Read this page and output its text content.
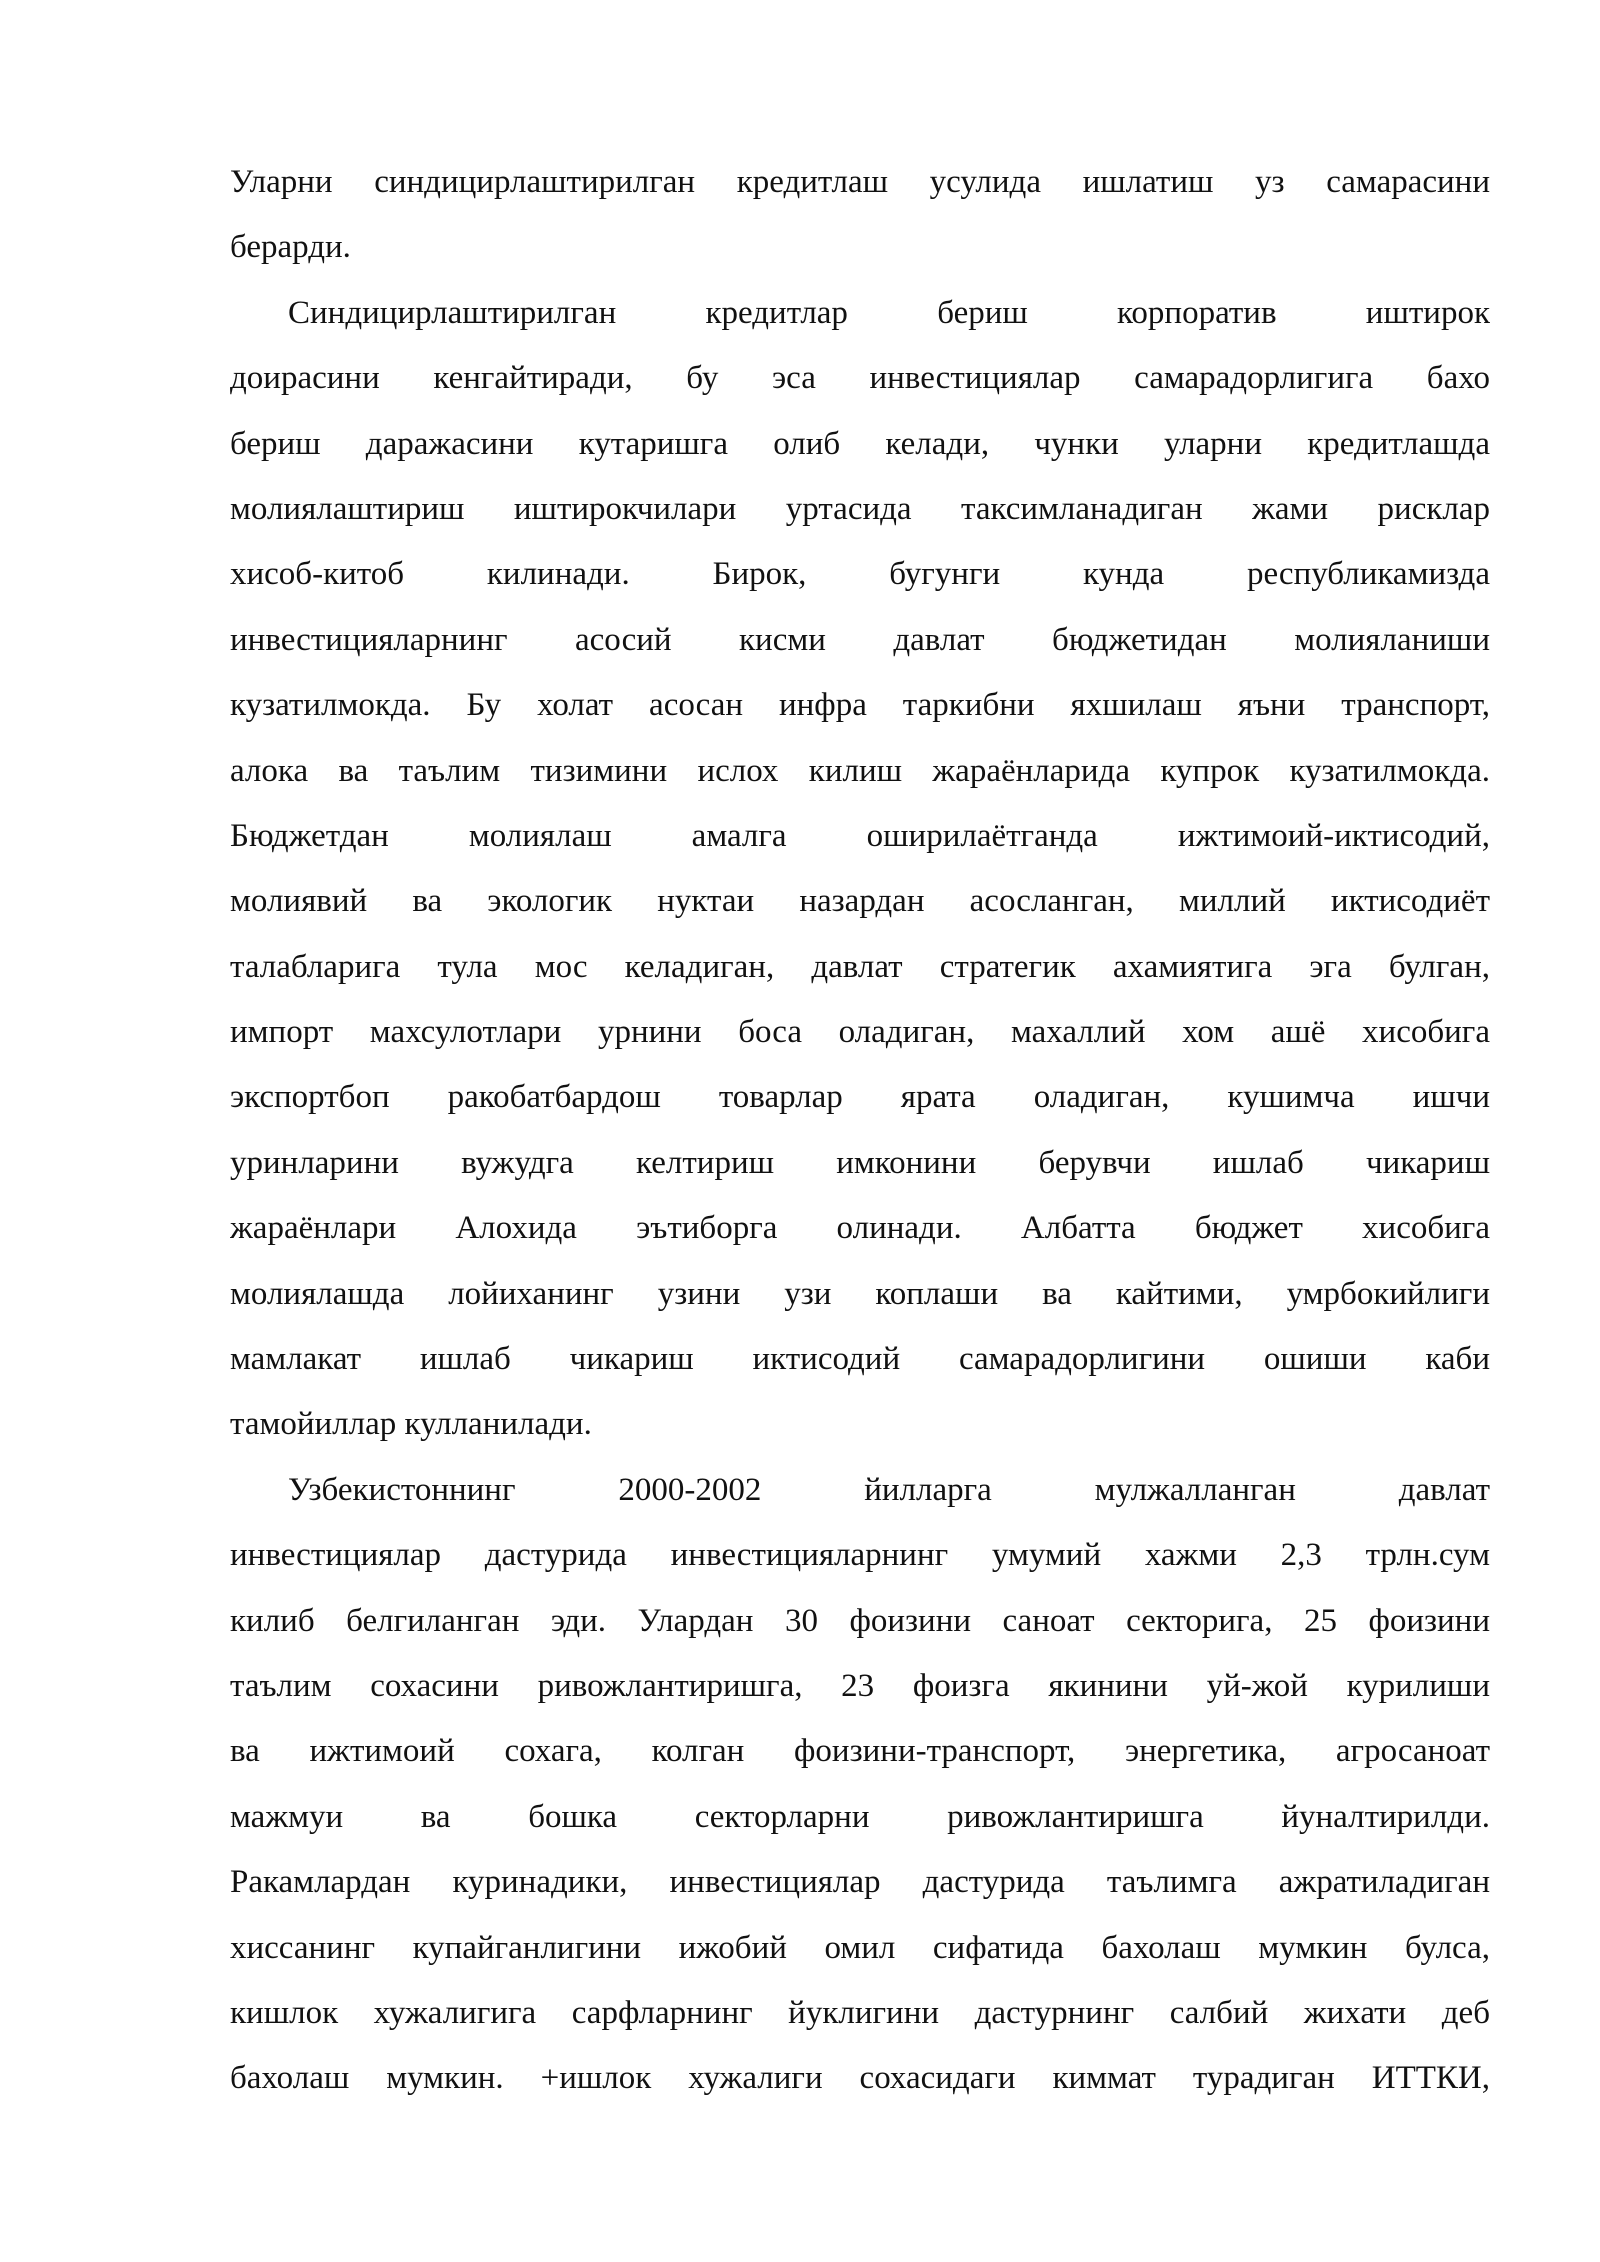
Уларни синдицирлаштирилган кредитлаш усулида ишлатиш уз самарасини
берарди.
Синдицирлаштирилган кредитлар бериш корпоратив иштирок
доирасини кенгайтиради, бу эса инвестициялар самарадорлигига бахо
бериш даражасини кутаришга олиб келади, чунки уларни кредитлашда
молиялаштириш иштирокчилари уртасида таксимланадиган жами рисклар
хисоб-китоб килинади. Бирок, бугунги кунда республикамизда
инвестицияларнинг асосий кисми давлат бюджетидан молияланиши
кузатилмокда. Бу холат асосан инфра таркибни яхшилаш яъни транспорт,
алока ва таълим тизимини ислох килиш жараёнларида купрок кузатилмокда.
Бюджетдан молиялаш амалга оширилаётганда ижтимоий-иктисодий,
молиявий ва экологик нуктаи назардан асосланган, миллий иктисодиёт
талабларига тула мос келадиган, давлат стратегик ахамиятига эга булган,
импорт махсулотлари урнини боса оладиган, махаллий хом ашё хисобига
экспортбоп ракобатбардош товарлар ярата оладиган, кушимча ишчи
уринларини вужудга келтириш имконини берувчи ишлаб чикариш
жараёнлари Алохида эътиборга олинади. Албатта бюджет хисобига
молиялашда лойиханинг узини узи коплаши ва кайтими, умрбокийлиги
мамлакат ишлаб чикариш иктисодий самарадорлигини ошиши каби
тамойиллар кулланилади.
Узбекистоннинг 2000-2002 йилларга мулжалланган давлат
инвестициялар дастурида инвестицияларнинг умумий хажми 2,3 трлн.сум
килиб белгиланган эди. Улардан 30 фоизини саноат секторига, 25 фоизини
таълим сохасини ривожлантиришга, 23 фоизга якинини уй-жой курилиши
ва ижтимоий сохага, колган фоизини-транспорт, энергетика, агросаноат
мажмуи ва бошка секторларни ривожлантиришга йуналтирилди.
Ракамлардан куринадики, инвестициялар дастурида таълимга ажратиладиган
хиссанинг купайганлигини ижобий омил сифатида бахолаш мумкин булса,
кишлок хужалигига сарфларнинг йуклигини дастурнинг салбий жихати деб
бахолаш мумкин. +ишлок хужалиги сохасидаги киммат турадиган ИТТКИ,
